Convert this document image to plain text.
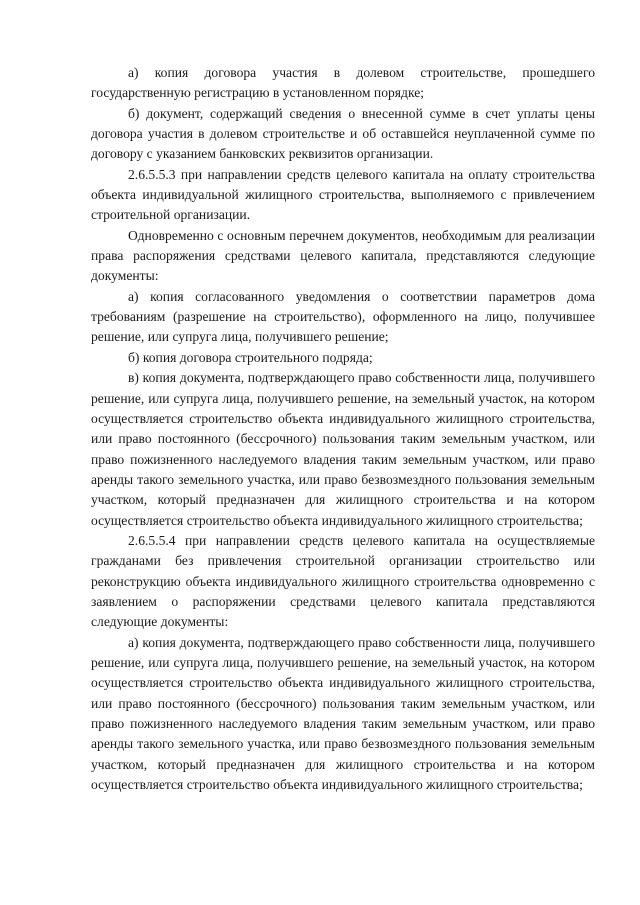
а) копия договора участия в долевом строительстве, прошедшего государственную регистрацию в установленном порядке;

б) документ, содержащий сведения о внесенной сумме в счет уплаты цены договора участия в долевом строительстве и об оставшейся неуплаченной сумме по договору с указанием банковских реквизитов организации.

2.6.5.5.3 при направлении средств целевого капитала на оплату строительства объекта индивидуальной жилищного строительства, выполняемого с привлечением строительной организации.

Одновременно с основным перечнем документов, необходимым для реализации права распоряжения средствами целевого капитала, представляются следующие документы:

а) копия согласованного уведомления о соответствии параметров дома требованиям (разрешение на строительство), оформленного на лицо, получившее решение, или супруга лица, получившего решение;

б) копия договора строительного подряда;

в) копия документа, подтверждающего право собственности лица, получившего решение, или супруга лица, получившего решение, на земельный участок, на котором осуществляется строительство объекта индивидуального жилищного строительства, или право постоянного (бессрочного) пользования таким земельным участком, или право пожизненного наследуемого владения таким земельным участком, или право аренды такого земельного участка, или право безвозмездного пользования земельным участком, который предназначен для жилищного строительства и на котором осуществляется строительство объекта индивидуального жилищного строительства;

2.6.5.5.4 при направлении средств целевого капитала на осуществляемые гражданами без привлечения строительной организации строительство или реконструкцию объекта индивидуального жилищного строительства одновременно с заявлением о распоряжении средствами целевого капитала представляются следующие документы:

а) копия документа, подтверждающего право собственности лица, получившего решение, или супруга лица, получившего решение, на земельный участок, на котором осуществляется строительство объекта индивидуального жилищного строительства, или право постоянного (бессрочного) пользования таким земельным участком, или право пожизненного наследуемого владения таким земельным участком, или право аренды такого земельного участка, или право безвозмездного пользования земельным участком, который предназначен для жилищного строительства и на котором осуществляется строительство объекта индивидуального жилищного строительства;
